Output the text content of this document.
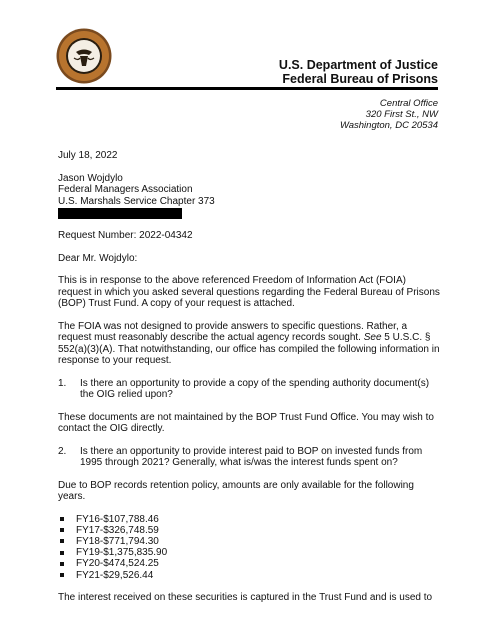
U.S. Department of Justice
Federal Bureau of Prisons
Central Office
320 First St., NW
Washington, DC 20534

July 18, 2022

Jason Wojdylo

Federal Managers Association

U.S. Marshals Service Chapter 373

Request Number: 2022-04342

Dear Mr. Wojdylo:

This is in response to the above referenced Freedom of Information Act (FOIA) request in which you asked several questions regarding the Federal Bureau of Prisons (BOP) Trust Fund. A copy of your request is attached.

The FOIA was not designed to provide answers to specific questions. Rather, a request must reasonably describe the actual agency records sought. See 5 U.S.C. § 552(a)(3)(A). That notwithstanding, our office has compiled the following information in response to your request.

1. Is there an opportunity to provide a copy of the spending authority document(s) the OIG relied upon?

These documents are not maintained by the BOP Trust Fund Office. You may wish to contact the OIG directly.

2. Is there an opportunity to provide interest paid to BOP on invested funds from 1995 through 2021? Generally, what is/was the interest funds spent on?

Due to BOP records retention policy, amounts are only available for the following years.

FY16-$107,788.46
FY17-$326,748.59
FY18-$771,794.30
FY19-$1,375,835.90
FY20-$474,524.25
FY21-$29,526.44

The interest received on these securities is captured in the Trust Fund and is used to
